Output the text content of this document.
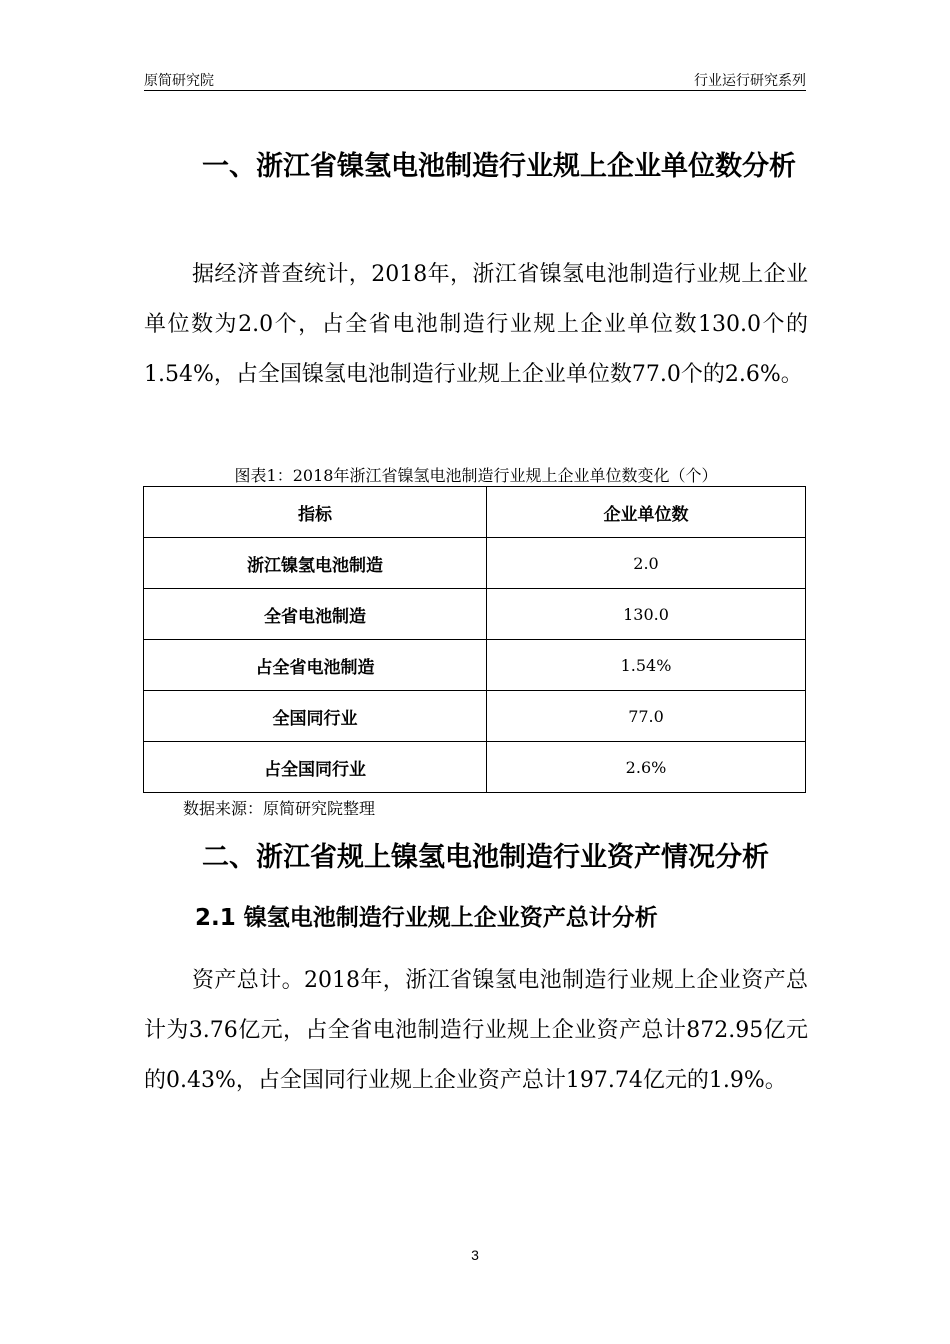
原简研究院	行业运行研究系列
一、浙江省镍氢电池制造行业规上企业单位数分析
据经济普查统计，2018年，浙江省镍氢电池制造行业规上企业单位数为2.0个，占全省电池制造行业规上企业单位数130.0个的1.54%，占全国镍氢电池制造行业规上企业单位数77.0个的2.6%。
图表1：2018年浙江省镍氢电池制造行业规上企业单位数变化（个）
指标	企业单位数
浙江镍氢电池制造	2.0
全省电池制造	130.0
占全省电池制造	1.54%
全国同行业	77.0
占全国同行业	2.6%
数据来源：原简研究院整理
二、浙江省规上镍氢电池制造行业资产情况分析
2.1 镍氢电池制造行业规上企业资产总计分析
资产总计。2018年，浙江省镍氢电池制造行业规上企业资产总计为3.76亿元，占全省电池制造行业规上企业资产总计872.95亿元的0.43%，占全国同行业规上企业资产总计197.74亿元的1.9%。
3
